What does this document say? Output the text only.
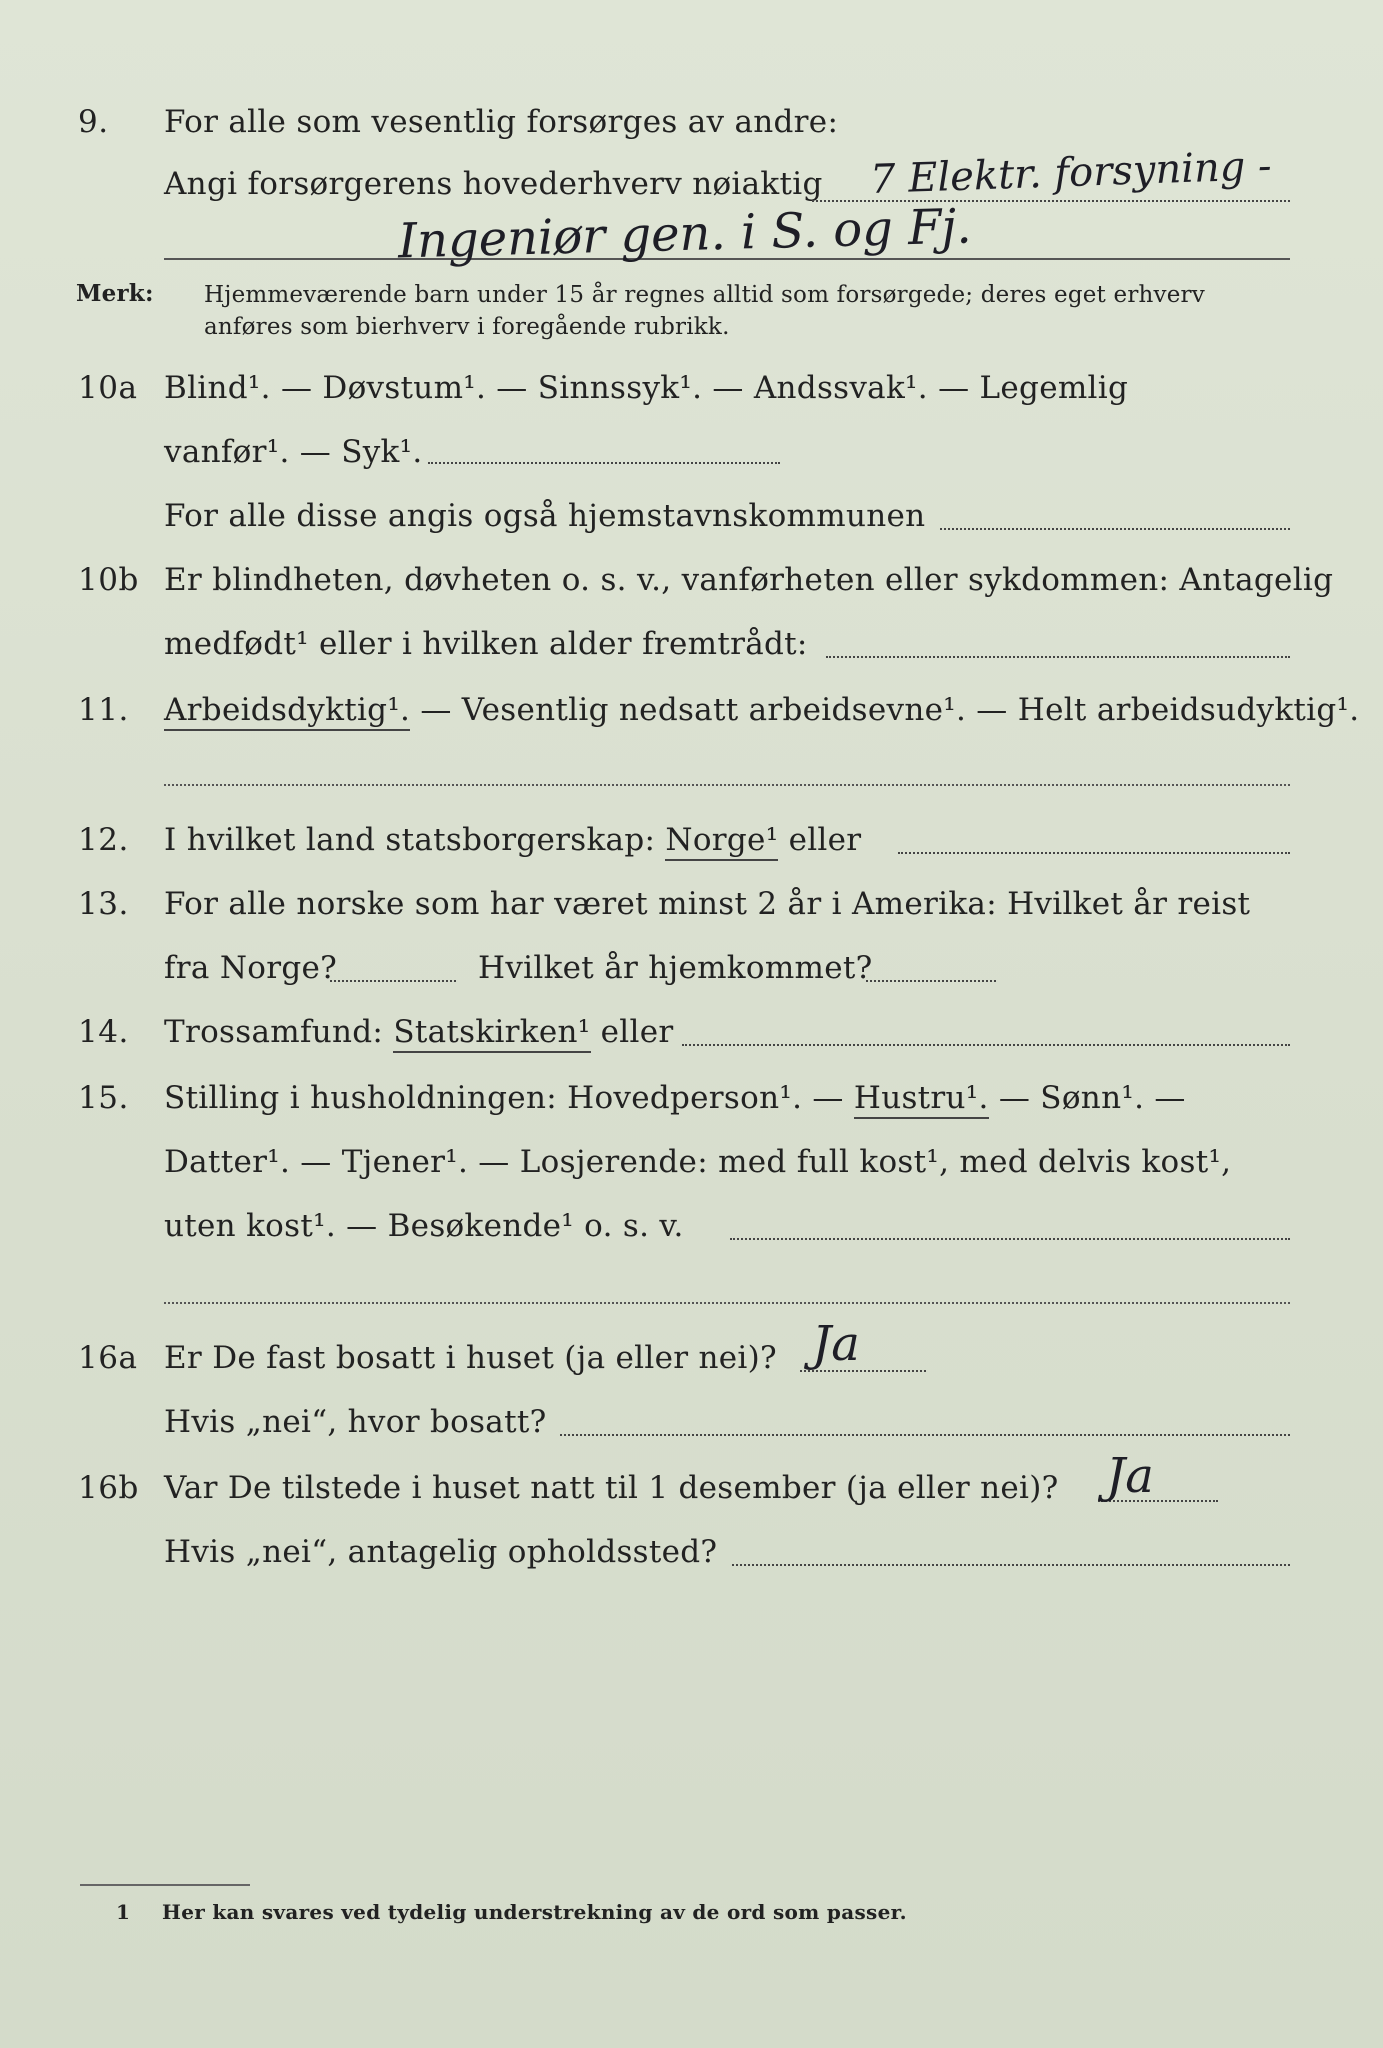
9. For alle som vesentlig forsørges av andre:
Angi forsørgerens hovederhverv nøiaktig 7 Elektr. forsyning -
Ingeniør gen. i S. og Fj.
Merk: Hjemmeværende barn under 15 år regnes alltid som forsørgede; deres eget erhverv
anføres som bierhverv i foregående rubrikk.
10a Blind¹. — Døvstum¹. — Sinnssyk¹. — Andssvak¹. — Legemlig
vanfør¹. — Syk¹.
For alle disse angis også hjemstavnskommunen
10b Er blindheten, døvheten o. s. v., vanførheten eller sykdommen: Antagelig
medfødt¹ eller i hvilken alder fremtrådt:
11. Arbeidsdyktig¹. — Vesentlig nedsatt arbeidsevne¹. — Helt arbeidsudyktig¹.
12. I hvilket land statsborgerskap: Norge¹ eller
13. For alle norske som har været minst 2 år i Amerika: Hvilket år reist
fra Norge?	Hvilket år hjemkommet?
14. Trossamfund: Statskirken¹ eller
15. Stilling i husholdningen: Hovedperson¹. — Hustru¹. — Sønn¹. —
Datter¹. — Tjener¹. — Losjerende: med full kost¹, med delvis kost¹,
uten kost¹. — Besøkende¹ o. s. v.
16a Er De fast bosatt i huset (ja eller nei)? Ja
Hvis „nei“, hvor bosatt?
16b Var De tilstede i huset natt til 1 desember (ja eller nei)? Ja
Hvis „nei“, antagelig opholdssted?
1 Her kan svares ved tydelig understrekning av de ord som passer.
